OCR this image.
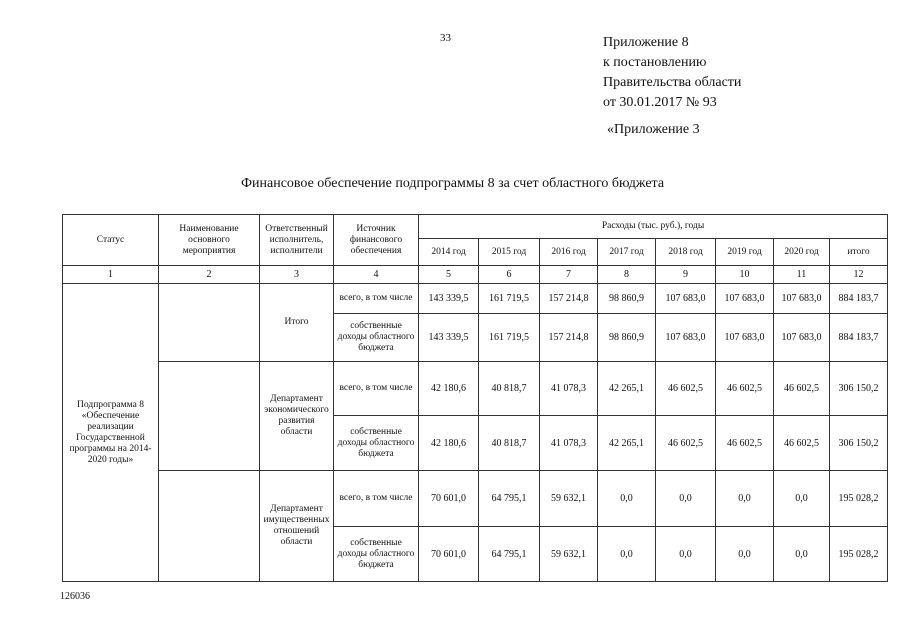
33	Приложение 8
к постановлению
Правительства области
от 30.01.2017 № 93
«Приложение 3
Финансовое обеспечение подпрограммы 8 за счет областного бюджета
Статус	Наименование основного мероприятия	Ответственный исполнитель, исполнители	Источник финансового обеспечения	Расходы (тыс. руб.), годы							
				2014 год	2015 год	2016 год	2017 год	2018 год	2019 год	2020 год	итого
1	2	3	4	5	6	7	8	9	10	11	12
Подпрограмма 8 «Обеспечение реализации Государственной программы на 2014-2020 годы»		Итого	всего, в том числе	143 339,5	161 719,5	157 214,8	98 860,9	107 683,0	107 683,0	107 683,0	884 183,7
			собственные доходы областного бюджета	143 339,5	161 719,5	157 214,8	98 860,9	107 683,0	107 683,0	107 683,0	884 183,7
		Департамент экономического развития области	всего, в том числе	42 180,6	40 818,7	41 078,3	42 265,1	46 602,5	46 602,5	46 602,5	306 150,2
			собственные доходы областного бюджета	42 180,6	40 818,7	41 078,3	42 265,1	46 602,5	46 602,5	46 602,5	306 150,2
		Департамент имущественных отношений области	всего, в том числе	70 601,0	64 795,1	59 632,1	0,0	0,0	0,0	0,0	195 028,2
			собственные доходы областного бюджета	70 601,0	64 795,1	59 632,1	0,0	0,0	0,0	0,0	195 028,2
126036
